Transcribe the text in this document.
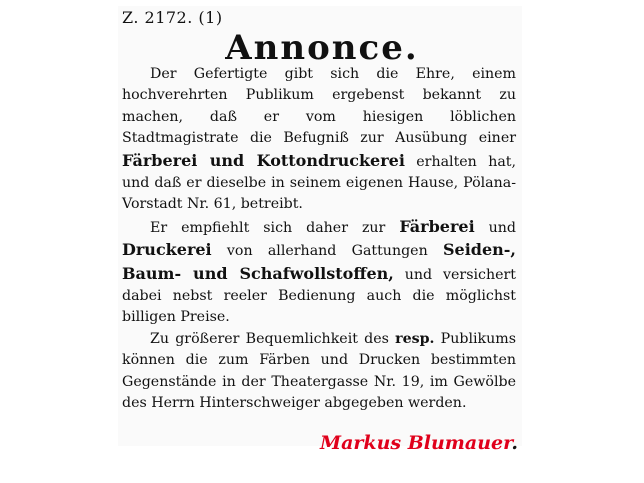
Z. 2172. (1)
Annonce.

Der Gefertigte gibt sich die Ehre, einem hochverehrten Publikum ergebenst bekannt zu machen, daß er vom hiesigen löblichen Stadtmagistrate die Befugniß zur Ausübung einer Färberei und Kottondruckerei erhalten hat, und daß er dieselbe in seinem eigenen Hause, Pölana-Vorstadt Nr. 61, betreibt.

Er empfiehlt sich daher zur Färberei und Druckerei von allerhand Gattungen Seiden-, Baum- und Schafwollstoffen, und versichert dabei nebst reeler Bedienung auch die möglichst billigen Preise.

Zu größerer Bequemlichkeit des resp. Publikums können die zum Färben und Drucken bestimmten Gegenstände in der Theatergasse Nr. 19, im Gewölbe des Herrn Hinterschweiger abgegeben werden.

Markus Blumauer.
